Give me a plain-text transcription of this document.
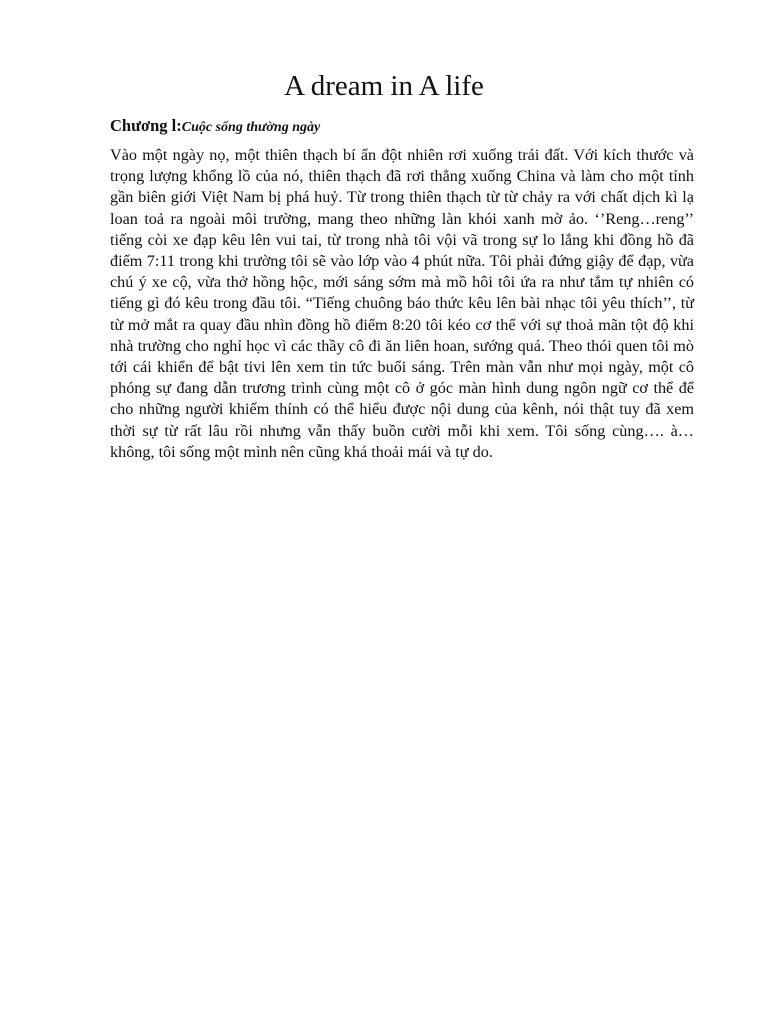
A dream in A life

Chương l:Cuộc sống thường ngày

Vào một ngày nọ, một thiên thạch bí ẩn đột nhiên rơi xuống trái đất. Với kích thước và trọng lượng khổng lồ của nó, thiên thạch đã rơi thẳng xuống China và làm cho một tỉnh gần biên giới Việt Nam bị phá huỷ. Từ trong thiên thạch từ từ chảy ra với chất dịch kì lạ loan toả ra ngoài môi trường, mang theo những làn khói xanh mờ ảo. ‘’Reng…reng’’ tiếng còi xe đạp kêu lên vui tai, từ trong nhà tôi vội vã trong sự lo lắng khi đồng hồ đã điểm 7:11 trong khi trường tôi sẽ vào lớp vào 4 phút nữa. Tôi phải đứng giậy để đạp, vừa chú ý xe cộ, vừa thở hồng hộc, mới sáng sớm mà mồ hôi tôi ứa ra như tắm tự nhiên có tiếng gì đó kêu trong đầu tôi. “Tiếng chuông báo thức kêu lên bài nhạc tôi yêu thích’’, từ từ mở mắt ra quay đầu nhìn đồng hồ điểm 8:20 tôi kéo cơ thể với sự thoả mãn tột độ khi nhà trường cho nghỉ học vì các thầy cô đi ăn liên hoan, sướng quá. Theo thói quen tôi mò tới cái khiển để bật tivi lên xem tin tức buổi sáng. Trên màn vẫn như mọi ngày, một cô phóng sự đang dẫn trương trình cùng một cô ở góc màn hình dung ngôn ngữ cơ thể để cho những người khiếm thính có thể hiểu được nội dung của kênh, nói thật tuy đã xem thời sự từ rất lâu rồi nhưng vẫn thấy buồn cười mỗi khi xem. Tôi sống cùng…. à… không, tôi sống một mình nên cũng khá thoải mái và tự do.
